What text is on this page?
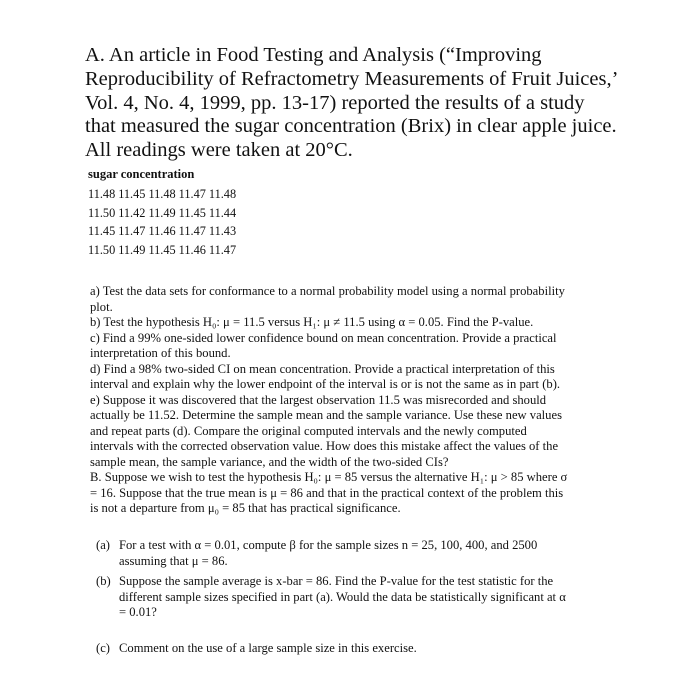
A. An article in Food Testing and Analysis (“Improving
Reproducibility of Refractometry Measurements of Fruit Juices,’
Vol. 4, No. 4, 1999, pp. 13-17) reported the results of a study
that measured the sugar concentration (Brix) in clear apple juice.
All readings were taken at 20°C.

sugar concentration

11.48 11.45 11.48 11.47 11.48

11.50 11.42 11.49 11.45 11.44

11.45 11.47 11.46 11.47 11.43

11.50 11.49 11.45 11.46 11.47

a) Test the data sets for conformance to a normal probability model using a normal probability
plot.
b) Test the hypothesis H₀: μ = 11.5 versus H₁: μ ≠ 11.5 using α = 0.05. Find the P-value.
c) Find a 99% one-sided lower confidence bound on mean concentration. Provide a practical
interpretation of this bound.
d) Find a 98% two-sided CI on mean concentration. Provide a practical interpretation of this
interval and explain why the lower endpoint of the interval is or is not the same as in part (b).
e) Suppose it was discovered that the largest observation 11.5 was misrecorded and should
actually be 11.52. Determine the sample mean and the sample variance. Use these new values
and repeat parts (d). Compare the original computed intervals and the newly computed
intervals with the corrected observation value. How does this mistake affect the values of the
sample mean, the sample variance, and the width of the two-sided CIs?
B. Suppose we wish to test the hypothesis H₀: μ = 85 versus the alternative H₁: μ > 85 where σ
= 16. Suppose that the true mean is μ = 86 and that in the practical context of the problem this
is not a departure from μ₀ = 85 that has practical significance.
(a) For a test with α = 0.01, compute β for the sample sizes n = 25, 100, 400, and 2500
assuming that μ = 86.
(b) Suppose the sample average is x-bar = 86. Find the P-value for the test statistic for the
different sample sizes specified in part (a). Would the data be statistically significant at α
= 0.01?
(c) Comment on the use of a large sample size in this exercise.
